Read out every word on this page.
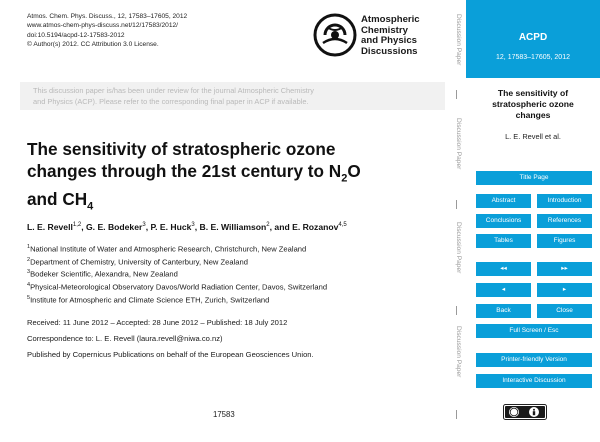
Atmos. Chem. Phys. Discuss., 12, 17583–17605, 2012
www.atmos-chem-phys-discuss.net/12/17583/2012/
doi:10.5194/acpd-12-17583-2012
© Author(s) 2012. CC Attribution 3.0 License.
Atmospheric
Chemistry
and Physics
Discussions

This discussion paper is/has been under review for the journal Atmospheric Chemistry
and Physics (ACP). Please refer to the corresponding final paper in ACP if available.

The sensitivity of stratospheric ozone
changes through the 21st century to $N_2O$
and $CH_4$
L. E. Revell$^{1,2}$, G. E. Bodeker$^3$, P. E. Huck$^3$, B. E. Williamson$^2$, and E. Rozanov$^{4,5}$
$^1$National Institute of Water and Atmospheric Research, Christchurch, New Zealand
$^2$Department of Chemistry, University of Canterbury, New Zealand
$^3$Bodeker Scientific, Alexandra, New Zealand
$^4$Physical-Meteorological Observatory Davos/World Radiation Center, Davos, Switzerland
$^5$Institute for Atmospheric and Climate Science ETH, Zurich, Switzerland
Received: 11 June 2012 – Accepted: 28 June 2012 – Published: 18 July 2012
Correspondence to: L. E. Revell (laura.revell@niwa.co.nz)
Published by Copernicus Publications on behalf of the European Geosciences Union.
17583
Discussion Paper
Discussion Paper
Discussion Paper
Discussion Paper
ACPD
12, 17583–17605, 2012
The sensitivity of
stratospheric ozone
changes
L. E. Revell et al.
Title Page
Abstract	Introduction
Conclusions	References
Tables	Figures
◂◂	▸▸
◂	▸
Back	Close
Full Screen / Esc
Printer-friendly Version
Interactive Discussion
